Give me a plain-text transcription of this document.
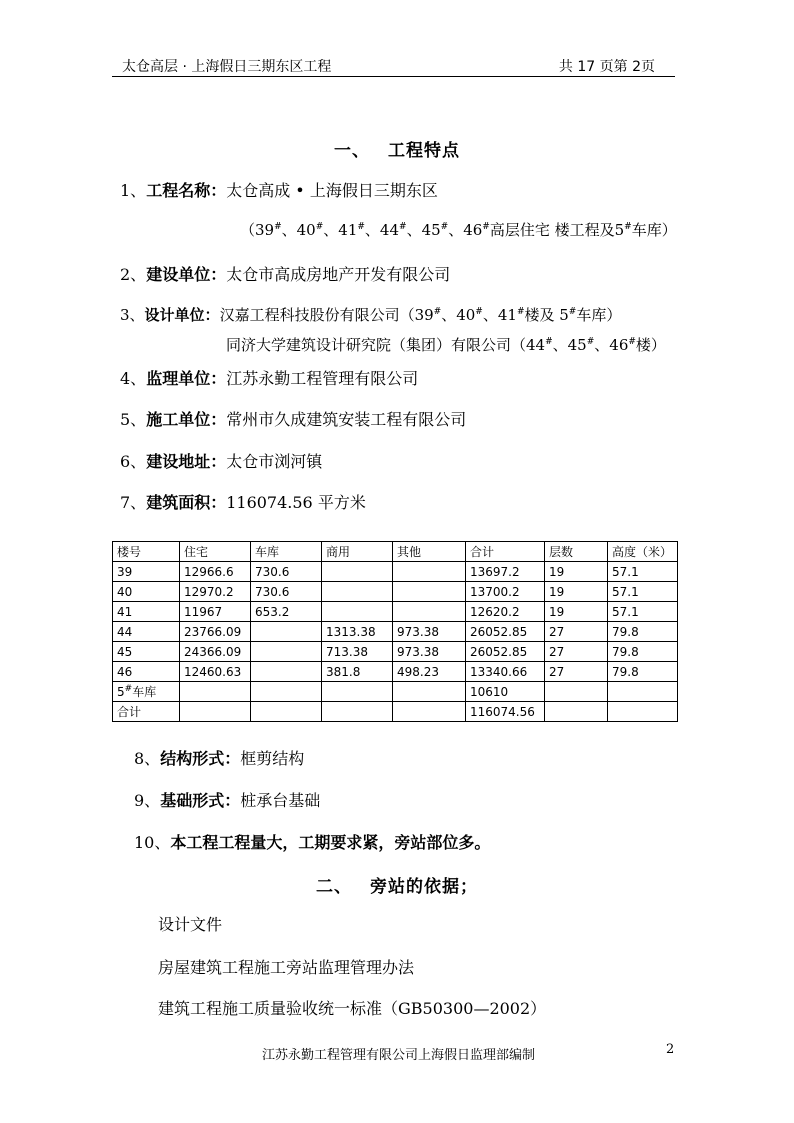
太仓高层 · 上海假日三期东区工程	共 17 页第 2页
一、 工程特点
1、工程名称：太仓高成 • 上海假日三期东区
（39#、40#、41#、44#、45#、46#高层住宅 楼工程及5#车库）
2、建设单位：太仓市高成房地产开发有限公司
3、设计单位：汉嘉工程科技股份有限公司（39#、40#、41#楼及 5#车库）
同济大学建筑设计研究院（集团）有限公司（44#、45#、46#楼）
4、监理单位：江苏永勤工程管理有限公司
5、施工单位：常州市久成建筑安装工程有限公司
6、建设地址：太仓市浏河镇
7、建筑面积：116074.56 平方米
楼号	住宅	车库	商用	其他	合计	层数	高度（米）
39	12966.6	730.6			13697.2	19	57.1
40	12970.2	730.6			13700.2	19	57.1
41	11967	653.2			12620.2	19	57.1
44	23766.09		1313.38	973.38	26052.85	27	79.8
45	24366.09		713.38	973.38	26052.85	27	79.8
46	12460.63		381.8	498.23	13340.66	27	79.8
5#车库					10610		
合计					116074.56		
8、结构形式：框剪结构
9、基础形式：桩承台基础
10、本工程工程量大，工期要求紧，旁站部位多。
二、 旁站的依据；
设计文件
房屋建筑工程施工旁站监理管理办法
建筑工程施工质量验收统一标准（GB50300—2002）
江苏永勤工程管理有限公司上海假日监理部编制	2
